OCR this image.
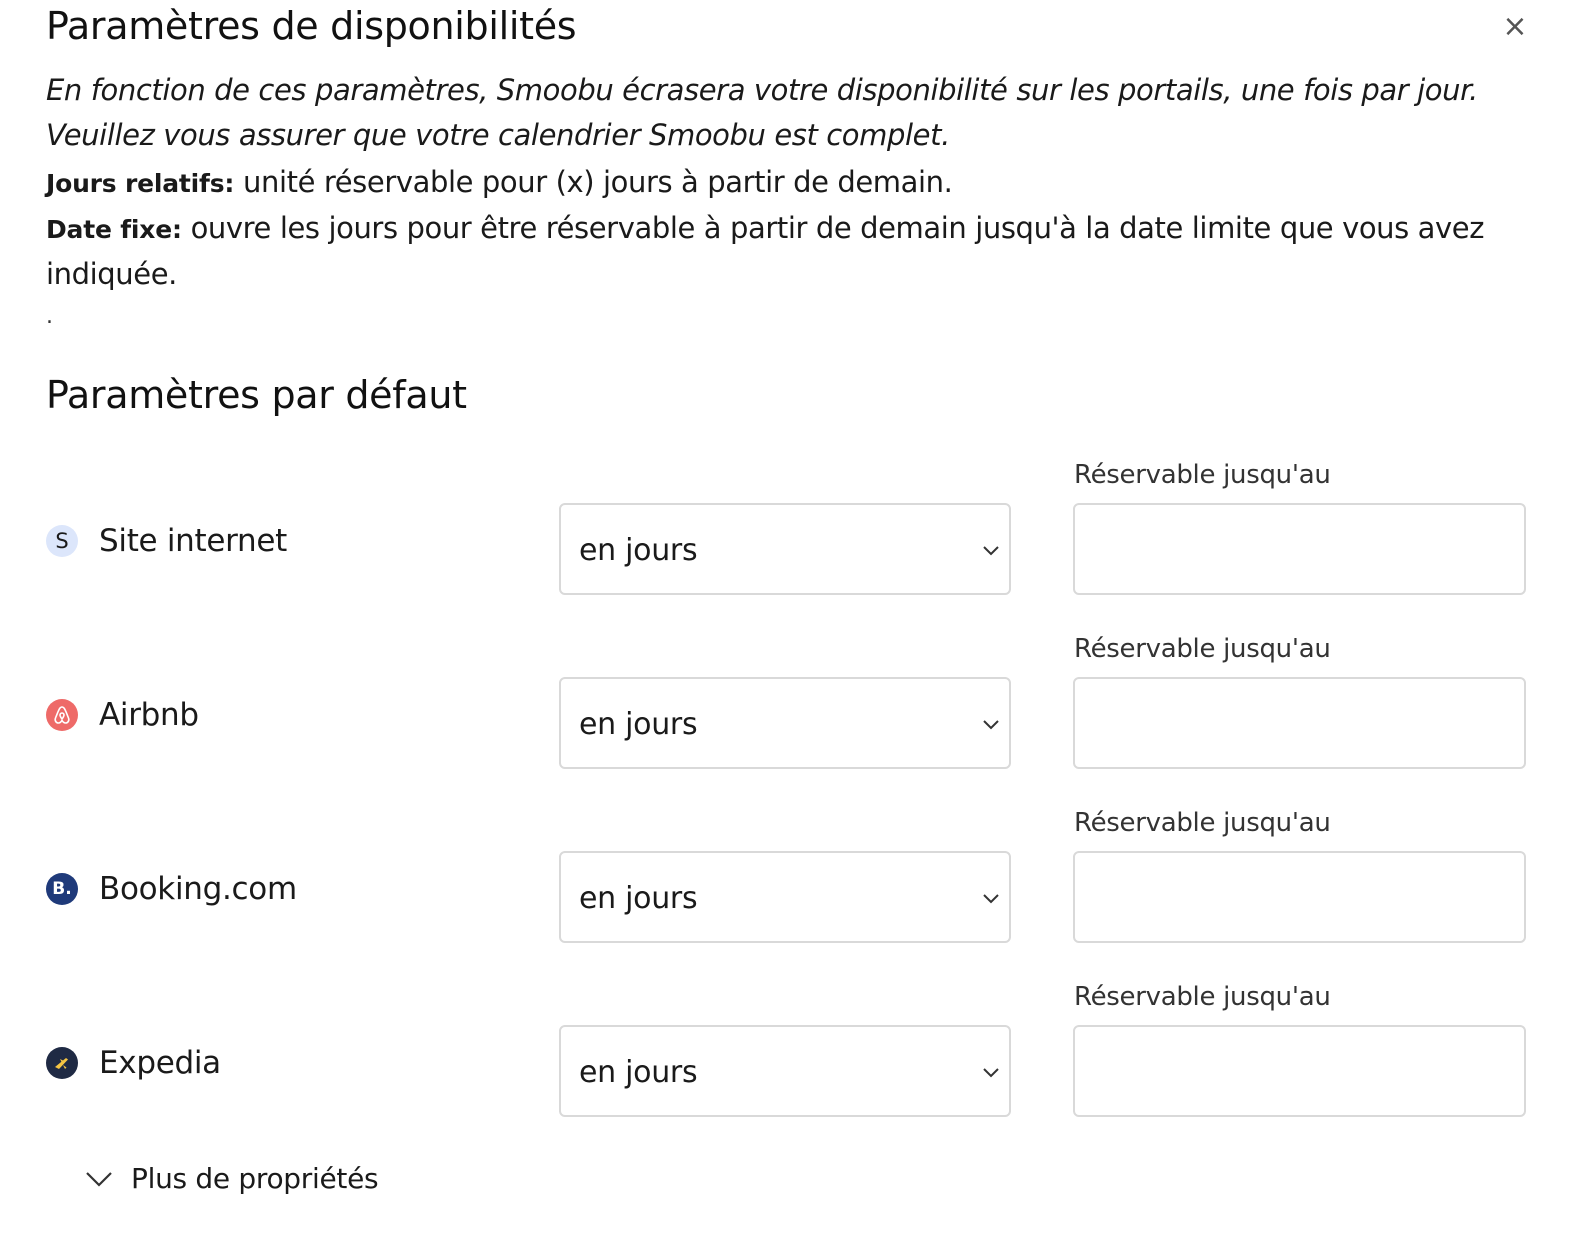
×
Paramètres de disponibilités

En fonction de ces paramètres, Smoobu écrasera votre disponibilité sur les portails, une fois par jour. Veuillez vous assurer que votre calendrier Smoobu est complet.

Jours relatifs: unité réservable pour (x) jours à partir de demain.

Date fixe: ouvre les jours pour être réservable à partir de demain jusqu'à la date limite que vous avez indiquée.

.
Paramètres par défaut
S Site internet	en jours
Réservable jusqu'au
Airbnb	en jours
Réservable jusqu'au
B. Booking.com	en jours
Réservable jusqu'au
Expedia	en jours
Réservable jusqu'au
Plus de propriétés
